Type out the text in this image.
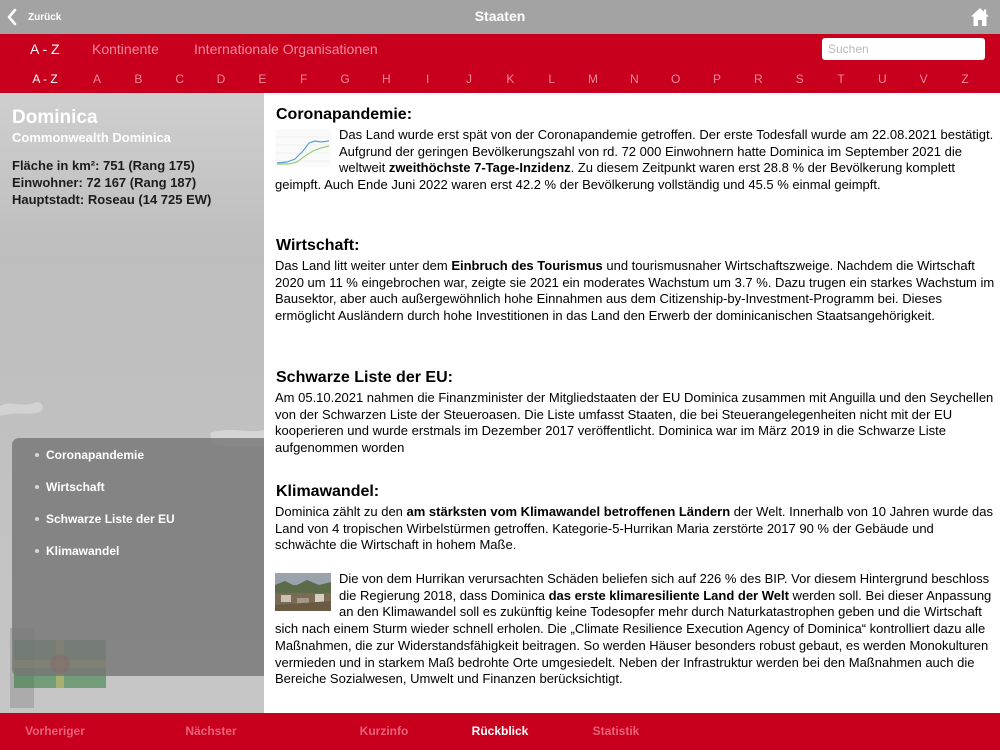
Zurück	Staaten
A - Z Kontinente	Internationale Organisationen
Suchen
A - Z	A	B	C	D	E	F	G	H	I	J	K	L	M	N	O	P	R	S	T	U	V	Z
Dominica
Commonwealth Dominica
Fläche in km²: 751 (Rang 175)
Einwohner: 72 167 (Rang 187)
Hauptstadt: Roseau (14 725 EW)
Coronapandemie
Wirtschaft
Schwarze Liste der EU
Klimawandel
Coronapandemie:
Das Land wurde erst spät von der Coronapandemie getroffen. Der erste Todesfall wurde am 22.08.2021 bestätigt. Aufgrund der geringen Bevölkerungszahl von rd. 72 000 Einwohnern hatte Dominica im September 2021 die weltweit zweithöchste 7-Tage-Inzidenz. Zu diesem Zeitpunkt waren erst 28.8 % der Bevölkerung komplett geimpft. Auch Ende Juni 2022 waren erst 42.2 % der Bevölkerung vollständig und 45.5 % einmal geimpft.
Wirtschaft:
Das Land litt weiter unter dem Einbruch des Tourismus und tourismusnaher Wirtschaftszweige. Nachdem die Wirtschaft 2020 um 11 % eingebrochen war, zeigte sie 2021 ein moderates Wachstum um 3.7 %. Dazu trugen ein starkes Wachstum im Bausektor, aber auch außergewöhnlich hohe Einnahmen aus dem Citizenship-by-Investment-Programm bei. Dieses ermöglicht Ausländern durch hohe Investitionen in das Land den Erwerb der dominicanischen Staatsangehörigkeit.
Schwarze Liste der EU:
Am 05.10.2021 nahmen die Finanzminister der Mitgliedstaaten der EU Dominica zusammen mit Anguilla und den Seychellen von der Schwarzen Liste der Steueroasen. Die Liste umfasst Staaten, die bei Steuerangelegenheiten nicht mit der EU kooperieren und wurde erstmals im Dezember 2017 veröffentlicht. Dominica war im März 2019 in die Schwarze Liste aufgenommen worden
Klimawandel:
Dominica zählt zu den am stärksten vom Klimawandel betroffenen Ländern der Welt. Innerhalb von 10 Jahren wurde das Land von 4 tropischen Wirbelstürmen getroffen. Kategorie-5-Hurrikan Maria zerstörte 2017 90 % der Gebäude und schwächte die Wirtschaft in hohem Maße.
Die von dem Hurrikan verursachten Schäden beliefen sich auf 226 % des BIP. Vor diesem Hintergrund beschloss die Regierung 2018, dass Dominica das erste klimaresiliente Land der Welt werden soll. Bei dieser Anpassung an den Klimawandel soll es zukünftig keine Todesopfer mehr durch Naturkatastrophen geben und die Wirtschaft sich nach einem Sturm wieder schnell erholen. Die „Climate Resilience Execution Agency of Dominica“ kontrolliert dazu alle Maßnahmen, die zur Widerstandsfähigkeit beitragen. So werden Häuser besonders robust gebaut, es werden Monokulturen vermieden und in starkem Maß bedrohte Orte umgesiedelt. Neben der Infrastruktur werden bei den Maßnahmen auch die Bereiche Sozialwesen, Umwelt und Finanzen berücksichtigt.
Vorheriger	Nächster	Kurzinfo	Rückblick	Statistik
